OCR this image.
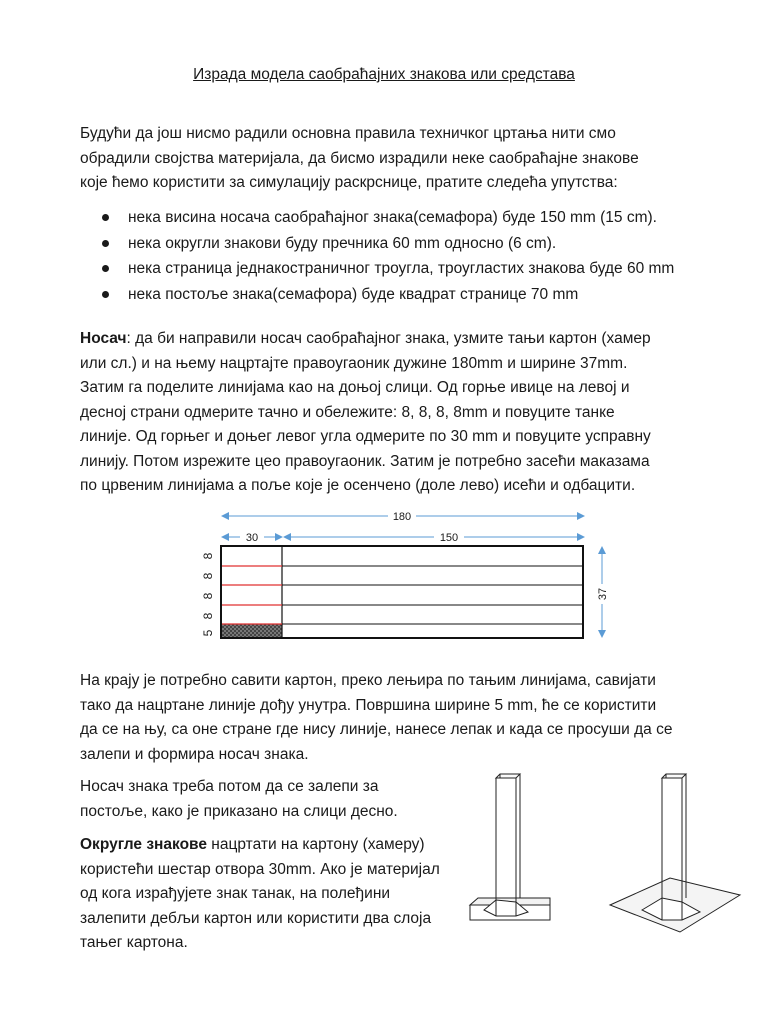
Израда модела саобраћајних знакова или средстава

Будући да још нисмо радили основна правила техничког цртања нити смо
обрадили својства материјала, да бисмо израдили неке саобраћајне знакове
које ћемо користити за симулацију раскрснице, пратите следећа упутства:

нека висина носача саобраћајног знака(семафора) буде 150 mm (15 cm).
нека округли знакови буду пречника 60 mm односно (6 cm).
нека страница једнакостраничног троугла, троугластих знакова буде 60 mm
нека постоље знака(семафора) буде квадрат странице 70 mm

Носач: да би направили носач саобраћајног знака, узмите тањи картон (хамер
или сл.) и на њему нацртајте правоугаоник дужине 180mm и ширине 37mm.
Затим га поделите линијама као на доњој слици. Од горње ивице на левој и
десној страни одмерите тачно и обележите: 8, 8, 8, 8mm и повуците танке
линије. Од горњег и доњег левог угла одмерите по 30 mm и повуците усправну
линију. Потом изрежите цео правоугаоник. Затим је потребно засећи маказама
по црвеним линијама а поље које је осенчено (доле лево) исећи и одбацити.

180
30	150
37
8
8
8
8
5

На крају је потребно савити картон, преко лењира по тањим линијама, савијати
тако да нацртане линије дођу унутра. Површина ширине 5 mm, ће се користити
да се на њу, са оне стране где нису линије, нанесе лепак и када се просуши да се
залепи и формира носач знака.

Носач знака треба потом да се залепи за
постоље, како је приказано на слици десно.

Округле знакове нацртати на картону (хамеру)
користећи шестар отвора 30mm. Ако је материјал
од кога израђујете знак танак, на полеђини
залепити дебљи картон или користити два слоја
тањег картона.
